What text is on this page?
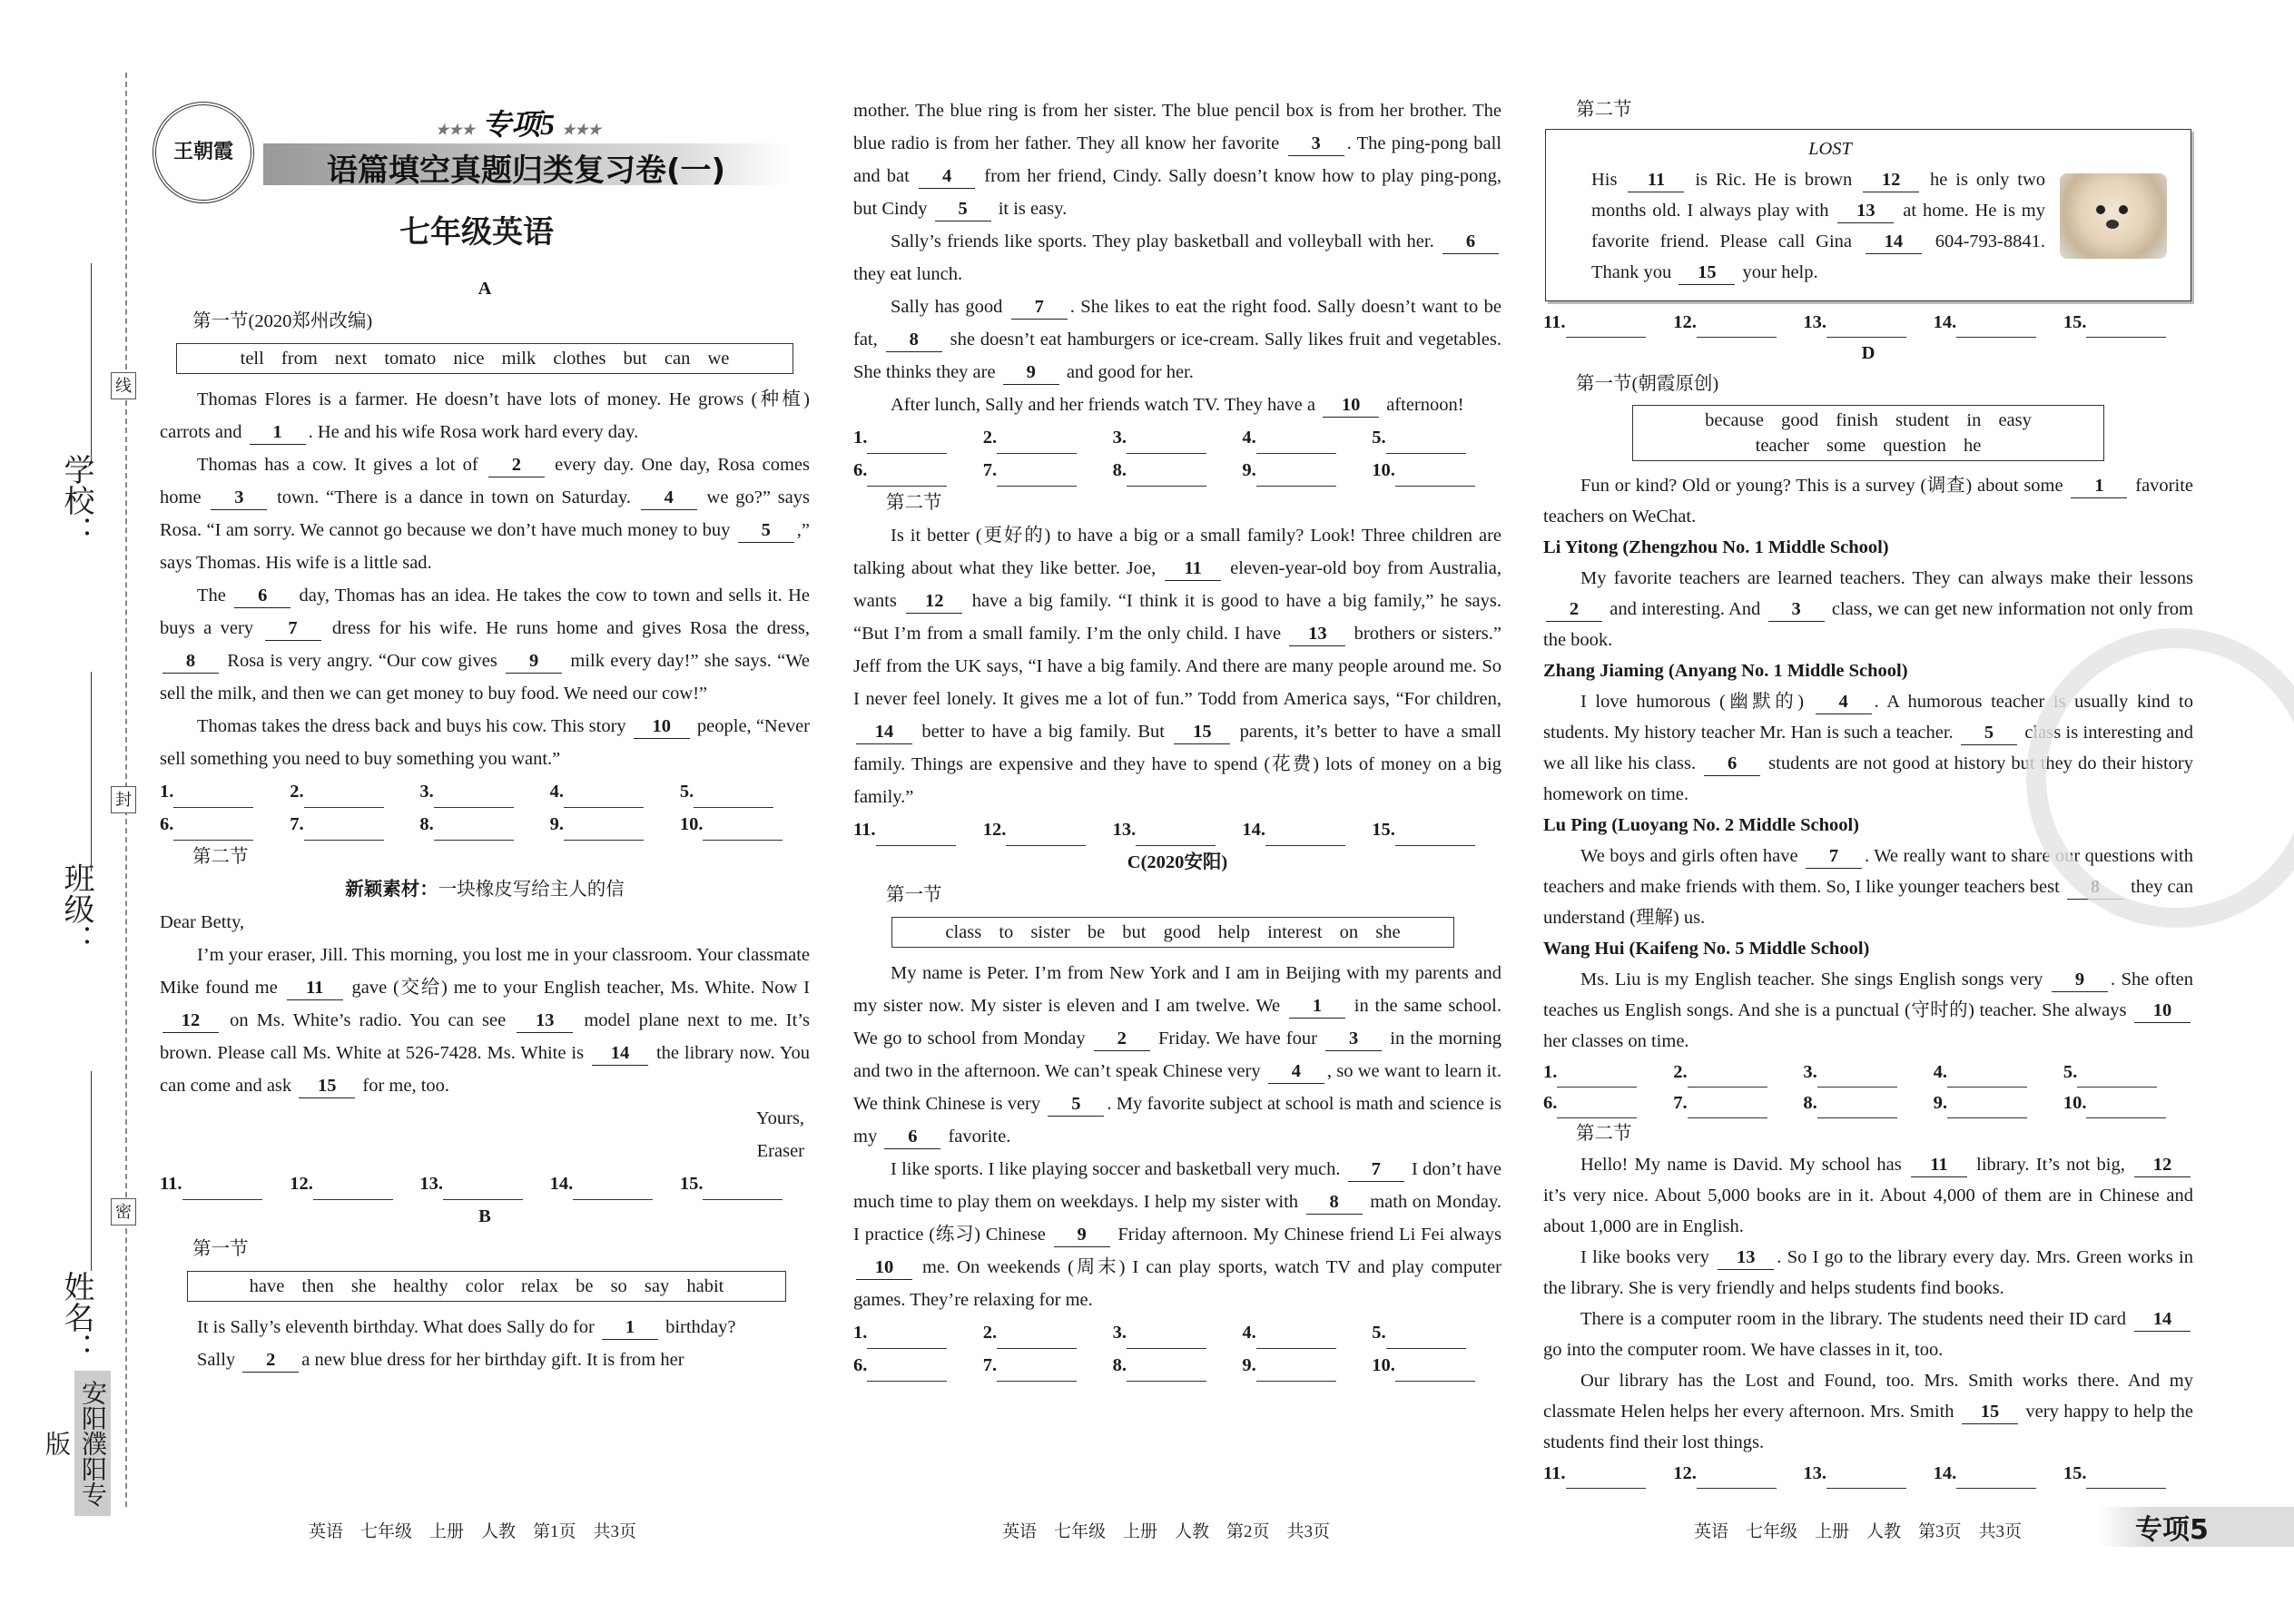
学校：
班级：
姓名：
线
封
密
安阳濮阳专版
王朝霞
★★★ 专项5 ★★★
语篇填空真题归类复习卷(一)
七年级英语

A

第一节(2020郑州改编)

tell from next tomato nice milk clothes but can we

Thomas Flores is a farmer. He doesn’t have lots of money. He grows (种植) carrots and 1 . He and his wife Rosa work hard every day.

Thomas has a cow. It gives a lot of 2 every day. One day, Rosa comes home 3 town. “There is a dance in town on Saturday. 4 we go?” says Rosa. “I am sorry. We cannot go because we don’t have much money to buy 5 ,” says Thomas. His wife is a little sad.

The 6 day, Thomas has an idea. He takes the cow to town and sells it. He buys a very 7 dress for his wife. He runs home and gives Rosa the dress, 8 Rosa is very angry. “Our cow gives 9 milk every day!” she says. “We sell the milk, and then we can get money to buy food. We need our cow!”

Thomas takes the dress back and buys his cow. This story 10 people, “Never sell something you need to buy something you want.”

1.	2.	3.	4.	5.
6.	7.	8.	9.	10.

第二节

新颖素材：一块橡皮写给主人的信

Dear Betty,

I’m your eraser, Jill. This morning, you lost me in your classroom. Your classmate Mike found me 11 gave (交给) me to your English teacher, Ms. White. Now I 12 on Ms. White’s radio. You can see 13 model plane next to me. It’s brown. Please call Ms. White at 526-7428. Ms. White is 14 the library now. You can come and ask 15 for me, too.

Yours,

Eraser

11.	12.	13.	14.	15.

B

第一节

have then she healthy color relax be so say habit

It is Sally’s eleventh birthday. What does Sally do for 1 birthday?

Sally 2 a new blue dress for her birthday gift. It is from her

mother. The blue ring is from her sister. The blue pencil box is from her brother. The blue radio is from her father. They all know her favorite 3 . The ping-pong ball and bat 4 from her friend, Cindy. Sally doesn’t know how to play ping-pong, but Cindy 5 it is easy.

Sally’s friends like sports. They play basketball and volleyball with her. 6 they eat lunch.

Sally has good 7 . She likes to eat the right food. Sally doesn’t want to be fat, 8 she doesn’t eat hamburgers or ice-cream. Sally likes fruit and vegetables. She thinks they are 9 and good for her.

After lunch, Sally and her friends watch TV. They have a 10 afternoon!

1.	2.	3.	4.	5.
6.	7.	8.	9.	10.

第二节

Is it better (更好的) to have a big or a small family? Look! Three children are talking about what they like better. Joe, 11 eleven-year-old boy from Australia, wants 12 have a big family. “I think it is good to have a big family,” he says. “But I’m from a small family. I’m the only child. I have 13 brothers or sisters.” Jeff from the UK says, “I have a big family. And there are many people around me. So I never feel lonely. It gives me a lot of fun.” Todd from America says, “For children, 14 better to have a big family. But 15 parents, it’s better to have a small family. Things are expensive and they have to spend (花费) lots of money on a big family.”

11.	12.	13.	14.	15.

C(2020安阳)

第一节

class to sister be but good help interest on she

My name is Peter. I’m from New York and I am in Beijing with my parents and my sister now. My sister is eleven and I am twelve. We 1 in the same school. We go to school from Monday 2 Friday. We have four 3 in the morning and two in the afternoon. We can’t speak Chinese very 4 , so we want to learn it. We think Chinese is very 5 . My favorite subject at school is math and science is my 6 favorite.

I like sports. I like playing soccer and basketball very much. 7 I don’t have much time to play them on weekdays. I help my sister with 8 math on Monday. I practice (练习) Chinese 9 Friday afternoon. My Chinese friend Li Fei always 10 me. On weekends (周末) I can play sports, watch TV and play computer games. They’re relaxing for me.

1.	2.	3.	4.	5.
6.	7.	8.	9.	10.

第二节

LOST

His 11 is Ric. He is brown 12 he is only two months old. I always play with 13 at home. He is my favorite friend. Please call Gina 14 604-793-8841. Thank you 15 your help.

11.	12.	13.	14.	15.

D

第一节(朝霞原创)

because good finish student in easy
teacher some question he

Fun or kind? Old or young? This is a survey (调查) about some 1 favorite teachers on WeChat.

Li Yitong (Zhengzhou No. 1 Middle School)

My favorite teachers are learned teachers. They can always make their lessons 2 and interesting. And 3 class, we can get new information not only from the book.

Zhang Jiaming (Anyang No. 1 Middle School)

I love humorous (幽默的) 4 . A humorous teacher is usually kind to students. My history teacher Mr. Han is such a teacher. 5 class is interesting and we all like his class. 6 students are not good at history but they do their history homework on time.

Lu Ping (Luoyang No. 2 Middle School)

We boys and girls often have 7 . We really want to share our questions with teachers and make friends with them. So, I like younger teachers best 8 they can understand (理解) us.

Wang Hui (Kaifeng No. 5 Middle School)

Ms. Liu is my English teacher. She sings English songs very 9 . She often teaches us English songs. And she is a punctual (守时的) teacher. She always 10 her classes on time.

1.	2.	3.	4.	5.
6.	7.	8.	9.	10.

第二节

Hello! My name is David. My school has 11 library. It’s not big, 12 it’s very nice. About 5,000 books are in it. About 4,000 of them are in Chinese and about 1,000 are in English.

I like books very 13 . So I go to the library every day. Mrs. Green works in the library. She is very friendly and helps students find books.

There is a computer room in the library. The students need their ID card 14 go into the computer room. We have classes in it, too.

Our library has the Lost and Found, too. Mrs. Smith works there. And my classmate Helen helps her every afternoon. Mrs. Smith 15 very happy to help the students find their lost things.

11.	12.	13.	14.	15.
英语　七年级　上册　人教　第1页　共3页	英语　七年级　上册　人教　第2页　共3页	英语　七年级　上册　人教　第3页　共3页	专项5
